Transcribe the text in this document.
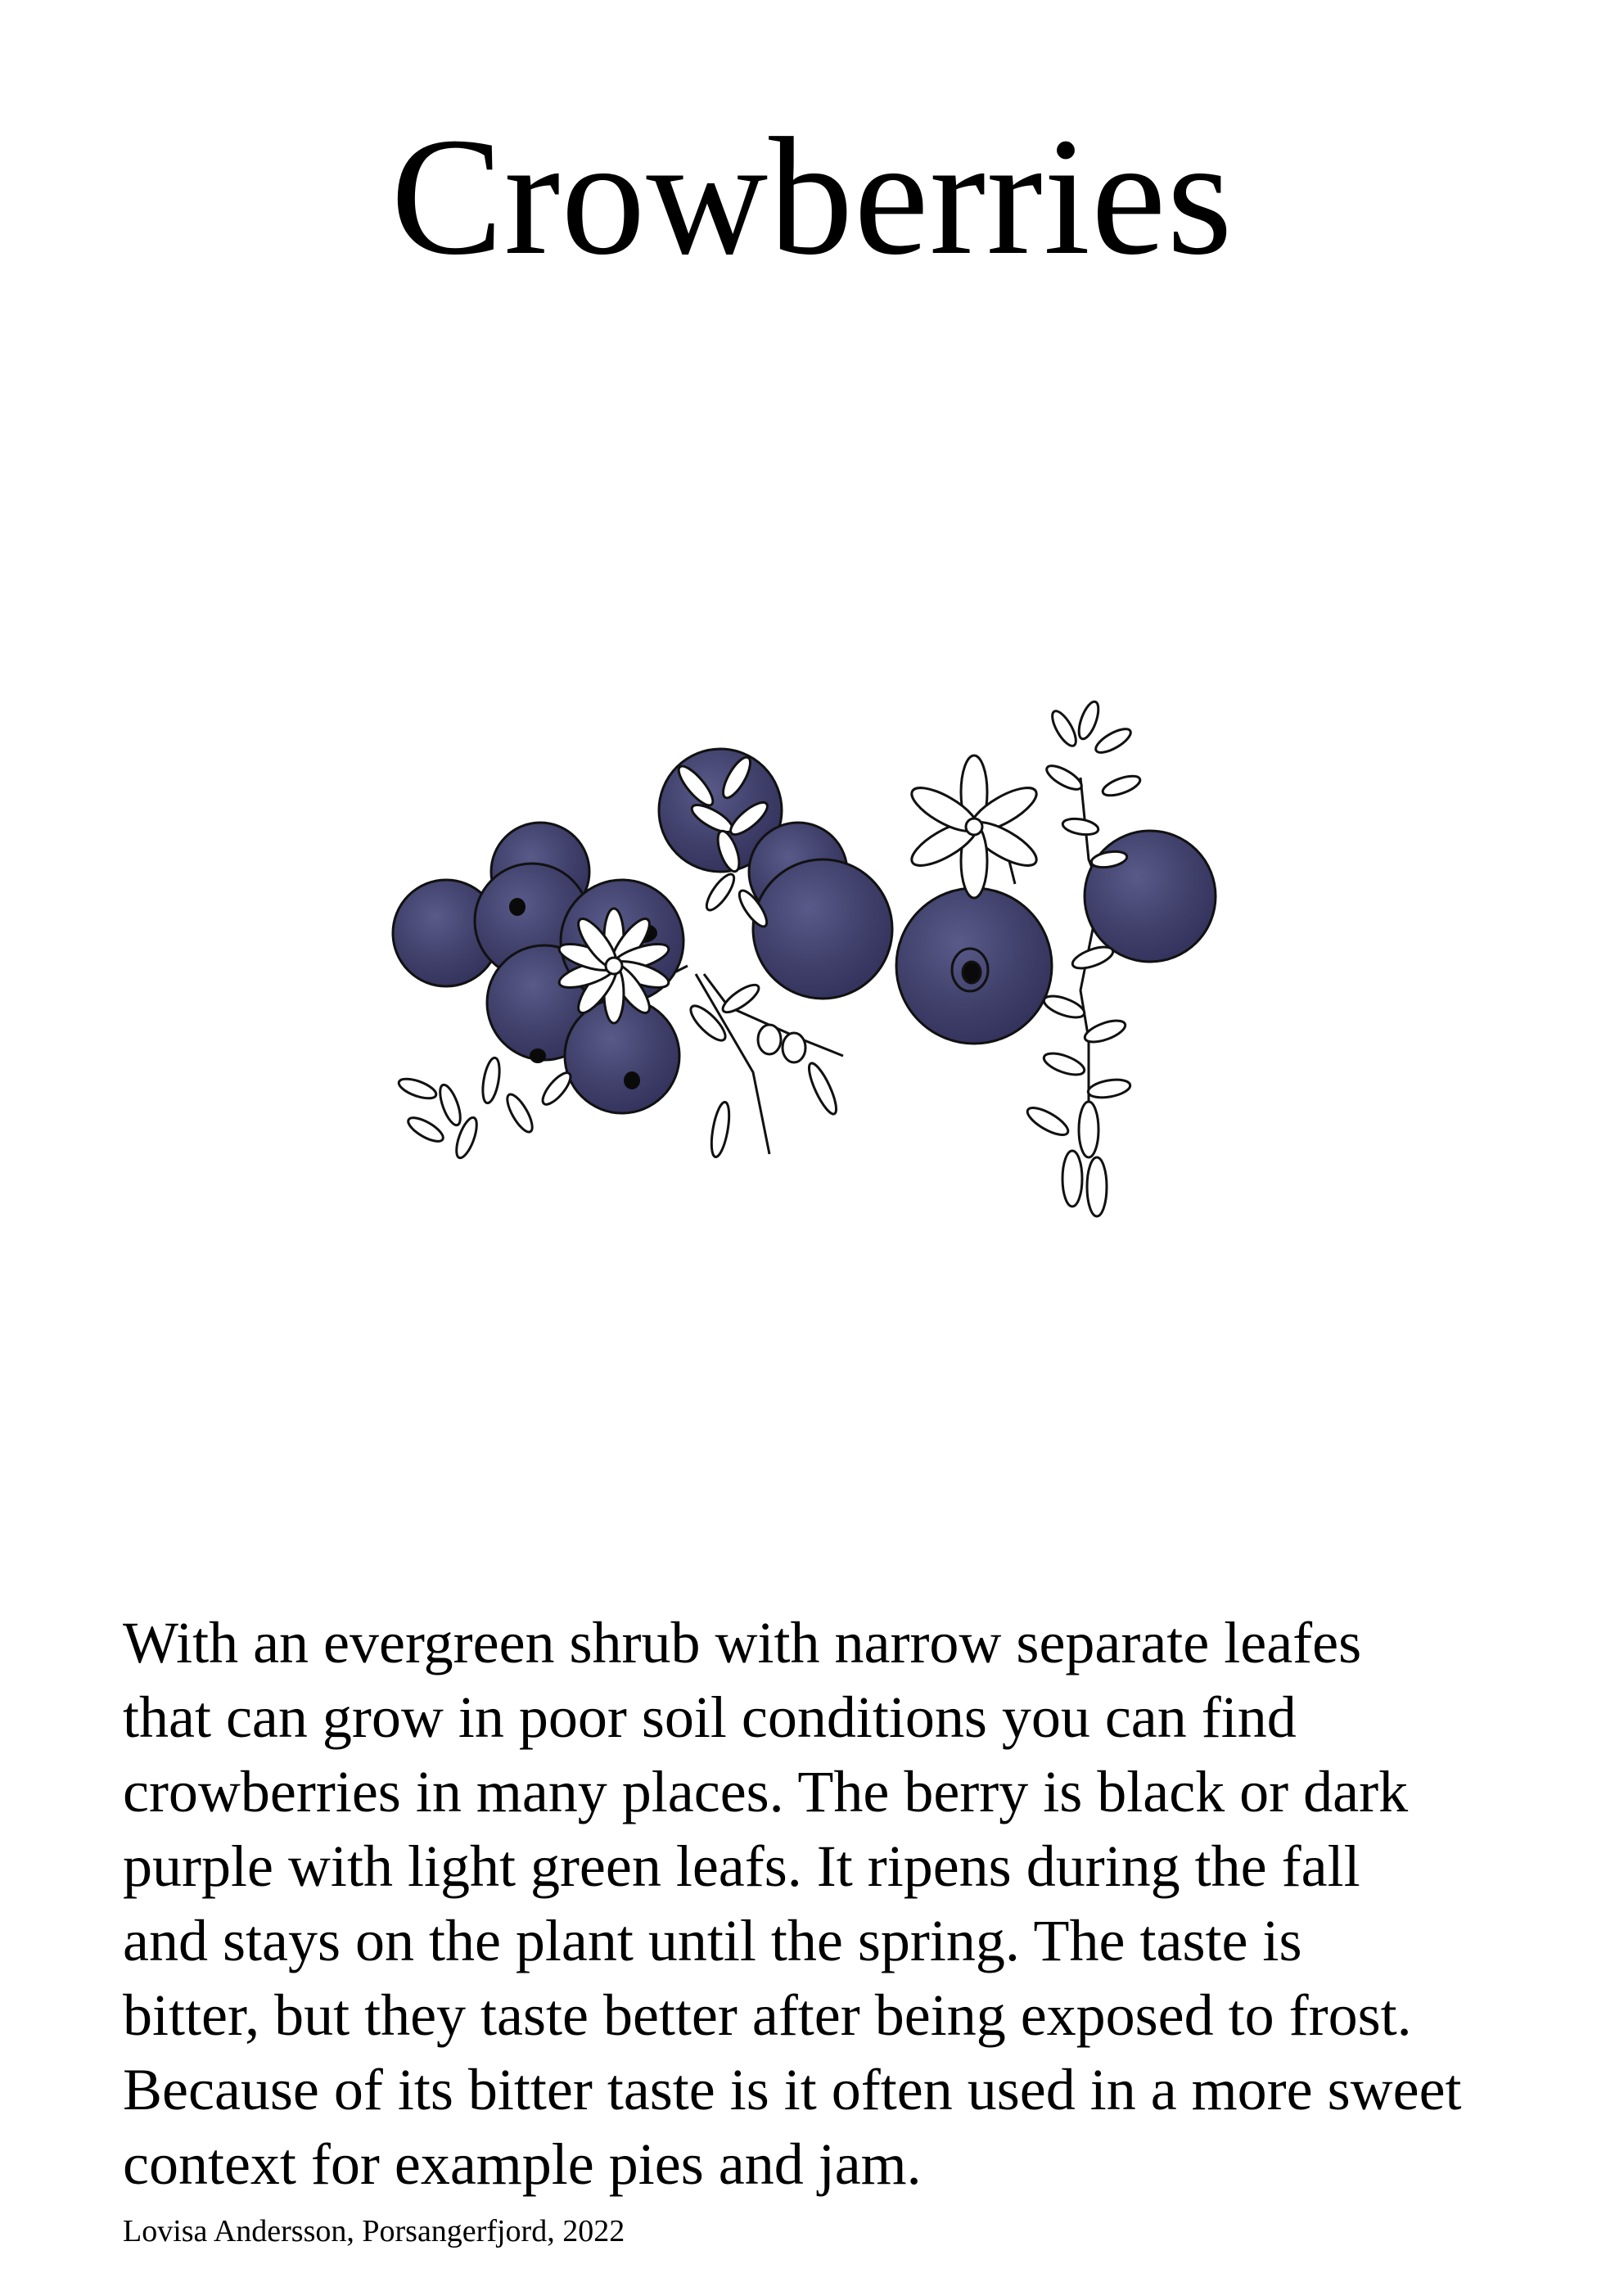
Crowberries

With an evergreen shrub with narrow separate leafes
that can grow in poor soil conditions you can find
crowberries in many places. The berry is black or dark
purple with light green leafs. It ripens during the fall
and stays on the plant until the spring. The taste is
bitter, but they taste better after being exposed to frost.
Because of its bitter taste is it often used in a more sweet
context for example pies and jam.

Lovisa Andersson, Porsangerfjord, 2022
